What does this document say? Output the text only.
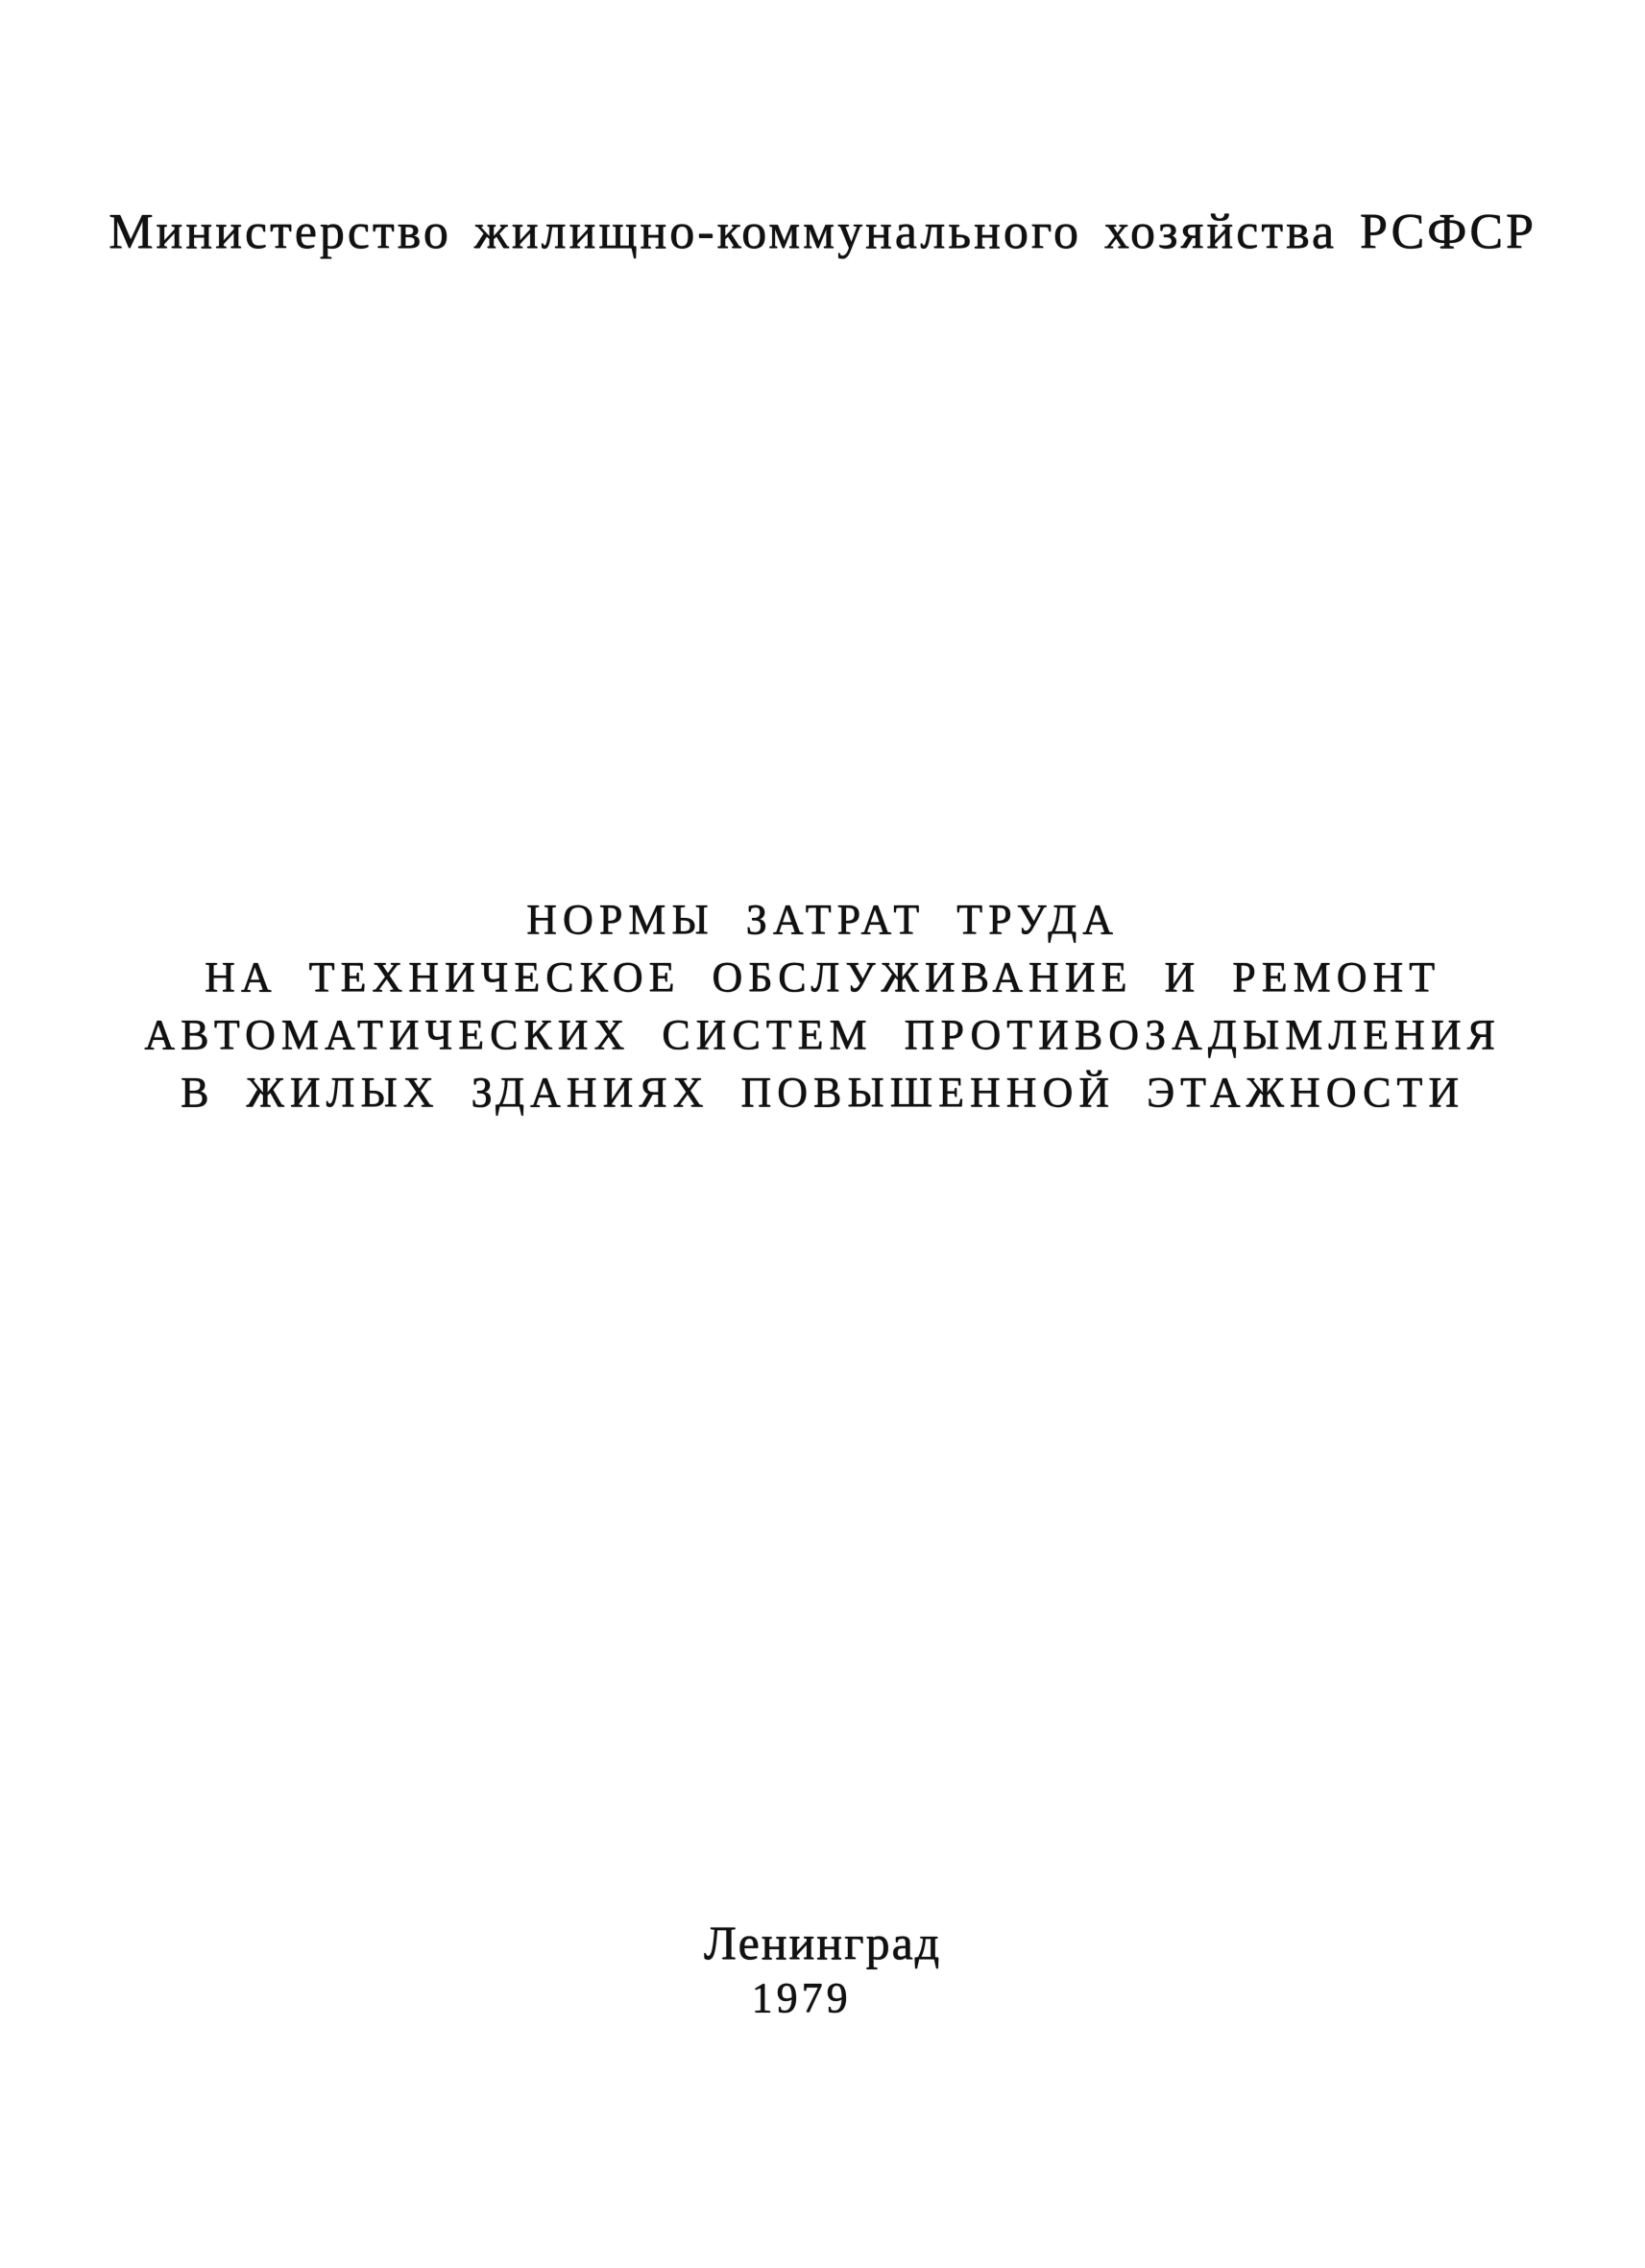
Министерство жилищно-коммунального хозяйства РСФСР
НОРМЫ ЗАТРАТ ТРУДА
НА ТЕХНИЧЕСКОЕ ОБСЛУЖИВАНИЕ И РЕМОНТ
АВТОМАТИЧЕСКИХ СИСТЕМ ПРОТИВОЗАДЫМЛЕНИЯ
В ЖИЛЫХ ЗДАНИЯХ ПОВЫШЕННОЙ ЭТАЖНОСТИ
Ленинград
1979
